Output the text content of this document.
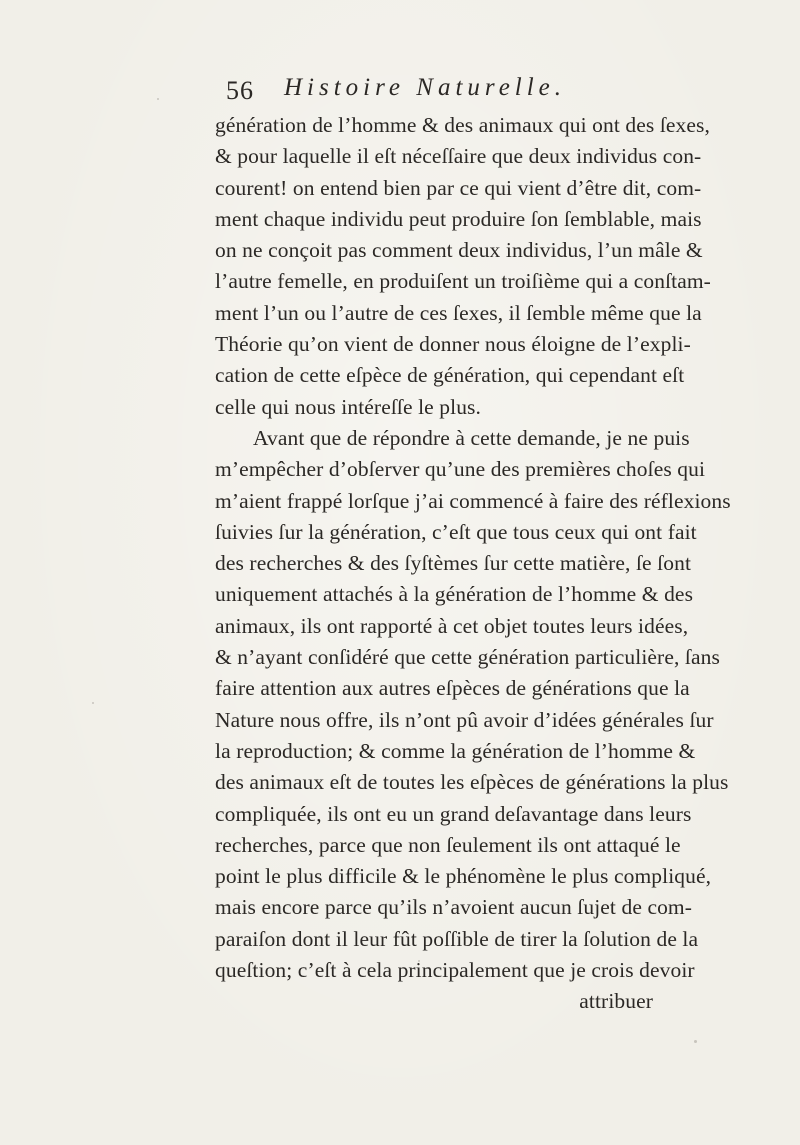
56 Histoire Naturelle.
génération de l’homme & des animaux qui ont des ſexes,
& pour laquelle il eſt néceſſaire que deux individus con-
courent! on entend bien par ce qui vient d’être dit, com-
ment chaque individu peut produire ſon ſemblable, mais
on ne conçoit pas comment deux individus, l’un mâle &
l’autre femelle, en produiſent un troiſième qui a conſtam-
ment l’un ou l’autre de ces ſexes, il ſemble même que la
Théorie qu’on vient de donner nous éloigne de l’expli-
cation de cette eſpèce de génération, qui cependant eſt
celle qui nous intéreſſe le plus.
Avant que de répondre à cette demande, je ne puis
m’empêcher d’obſerver qu’une des premières choſes qui
m’aient frappé lorſque j’ai commencé à faire des réflexions
ſuivies ſur la génération, c’eſt que tous ceux qui ont fait
des recherches & des ſyſtèmes ſur cette matière, ſe ſont
uniquement attachés à la génération de l’homme & des
animaux, ils ont rapporté à cet objet toutes leurs idées,
& n’ayant conſidéré que cette génération particulière, ſans
faire attention aux autres eſpèces de générations que la
Nature nous offre, ils n’ont pû avoir d’idées générales ſur
la reproduction; & comme la génération de l’homme &
des animaux eſt de toutes les eſpèces de générations la plus
compliquée, ils ont eu un grand deſavantage dans leurs
recherches, parce que non ſeulement ils ont attaqué le
point le plus difficile & le phénomène le plus compliqué,
mais encore parce qu’ils n’avoient aucun ſujet de com-
paraiſon dont il leur fût poſſible de tirer la ſolution de la
queſtion; c’eſt à cela principalement que je crois devoir
attribuer
